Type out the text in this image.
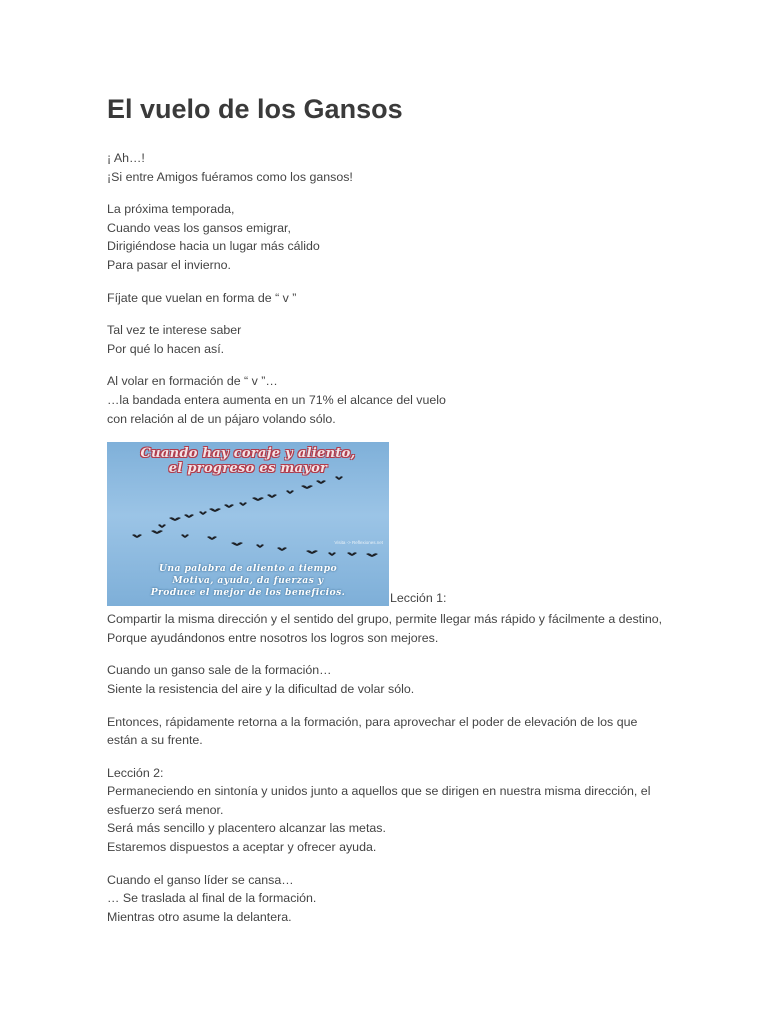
El vuelo de los Gansos
¡ Ah…!
¡Si entre Amigos fuéramos como los gansos!
La próxima temporada,
Cuando veas los gansos emigrar,
Dirigiéndose hacia un lugar más cálido
Para pasar el invierno.
Fíjate que vuelan en forma de “ v ”
Tal vez te interese saber
Por qué lo hacen así.
Al volar en formación de “ v ”…
…la bandada entera aumenta en un 71% el alcance del vuelo
con relación al de un pájaro volando sólo.
Cuando hay coraje y aliento,
el progreso es mayor
Visita -> Reflexiones.net
Una palabra de aliento a tiempo
Motiva, ayuda, da fuerzas y
Produce el mejor de los beneficios.	Lección 1:
Compartir la misma dirección y el sentido del grupo, permite llegar más rápido y fácilmente a destino,
Porque ayudándonos entre nosotros los logros son mejores.
Cuando un ganso sale de la formación…
Siente la resistencia del aire y la dificultad de volar sólo.
Entonces, rápidamente retorna a la formación, para aprovechar el poder de elevación de los que están a su frente.
Lección 2:
Permaneciendo en sintonía y unidos junto a aquellos que se dirigen en nuestra misma dirección, el esfuerzo será menor.
Será más sencillo y placentero alcanzar las metas.
Estaremos dispuestos a aceptar y ofrecer ayuda.
Cuando el ganso líder se cansa…
… Se traslada al final de la formación.
Mientras otro asume la delantera.
